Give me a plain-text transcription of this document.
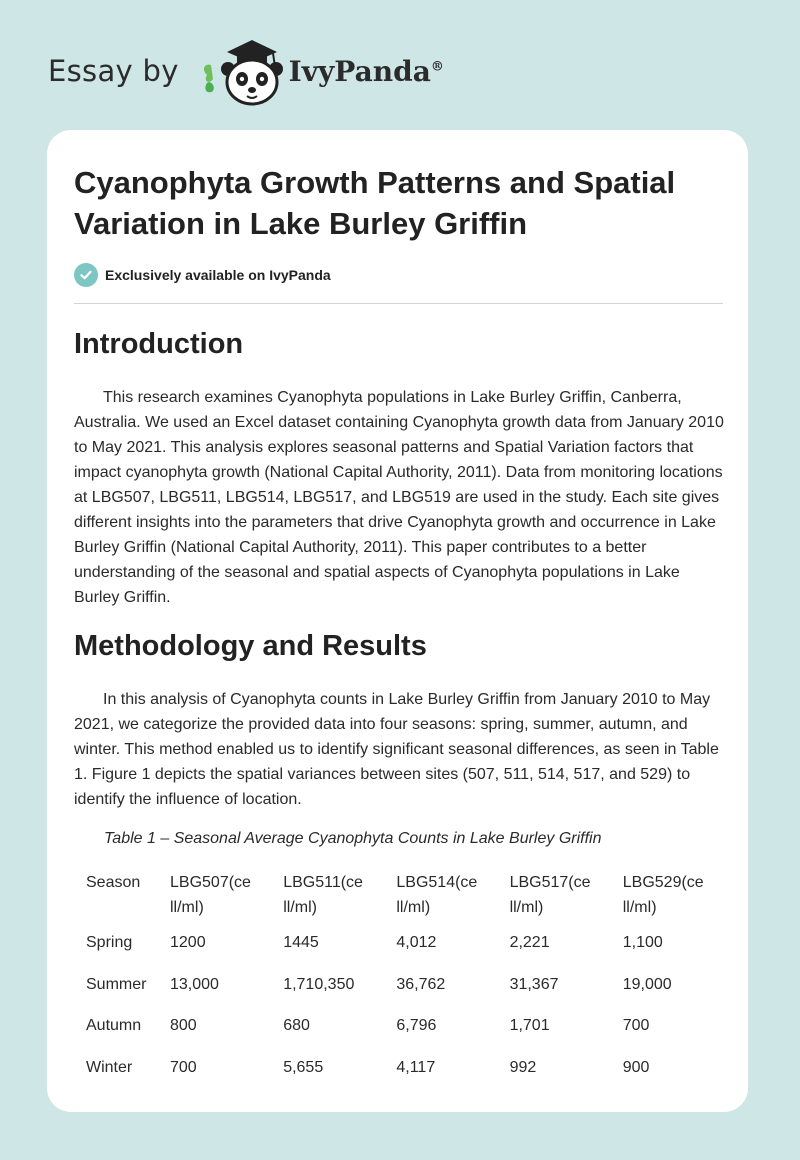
Essay by	IvyPanda®
Cyanophyta Growth Patterns and Spatial Variation in Lake Burley Griffin
Exclusively available on IvyPanda
Introduction

This research examines Cyanophyta populations in Lake Burley Griffin, Canberra, Australia. We used an Excel dataset containing Cyanophyta growth data from January 2010 to May 2021. This analysis explores seasonal patterns and Spatial Variation factors that impact cyanophyta growth (National Capital Authority, 2011). Data from monitoring locations at LBG507, LBG511, LBG514, LBG517, and LBG519 are used in the study. Each site gives different insights into the parameters that drive Cyanophyta growth and occurrence in Lake Burley Griffin (National Capital Authority, 2011). This paper contributes to a better understanding of the seasonal and spatial aspects of Cyanophyta populations in Lake Burley Griffin.

Methodology and Results

In this analysis of Cyanophyta counts in Lake Burley Griffin from January 2010 to May 2021, we categorize the provided data into four seasons: spring, summer, autumn, and winter. This method enabled us to identify significant seasonal differences, as seen in Table 1. Figure 1 depicts the spatial variances between sites (507, 511, 514, 517, and 529) to identify the influence of location.

Table 1 – Seasonal Average Cyanophyta Counts in Lake Burley Griffin

Season	LBG507(ce ll/ml)	LBG511(ce ll/ml)	LBG514(ce ll/ml)	LBG517(ce ll/ml)	LBG529(ce ll/ml)
Spring	1200	1445	4,012	2,221	1,100
Summer	13,000	1,710,350	36,762	31,367	19,000
Autumn	800	680	6,796	1,701	700
Winter	700	5,655	4,117	992	900
